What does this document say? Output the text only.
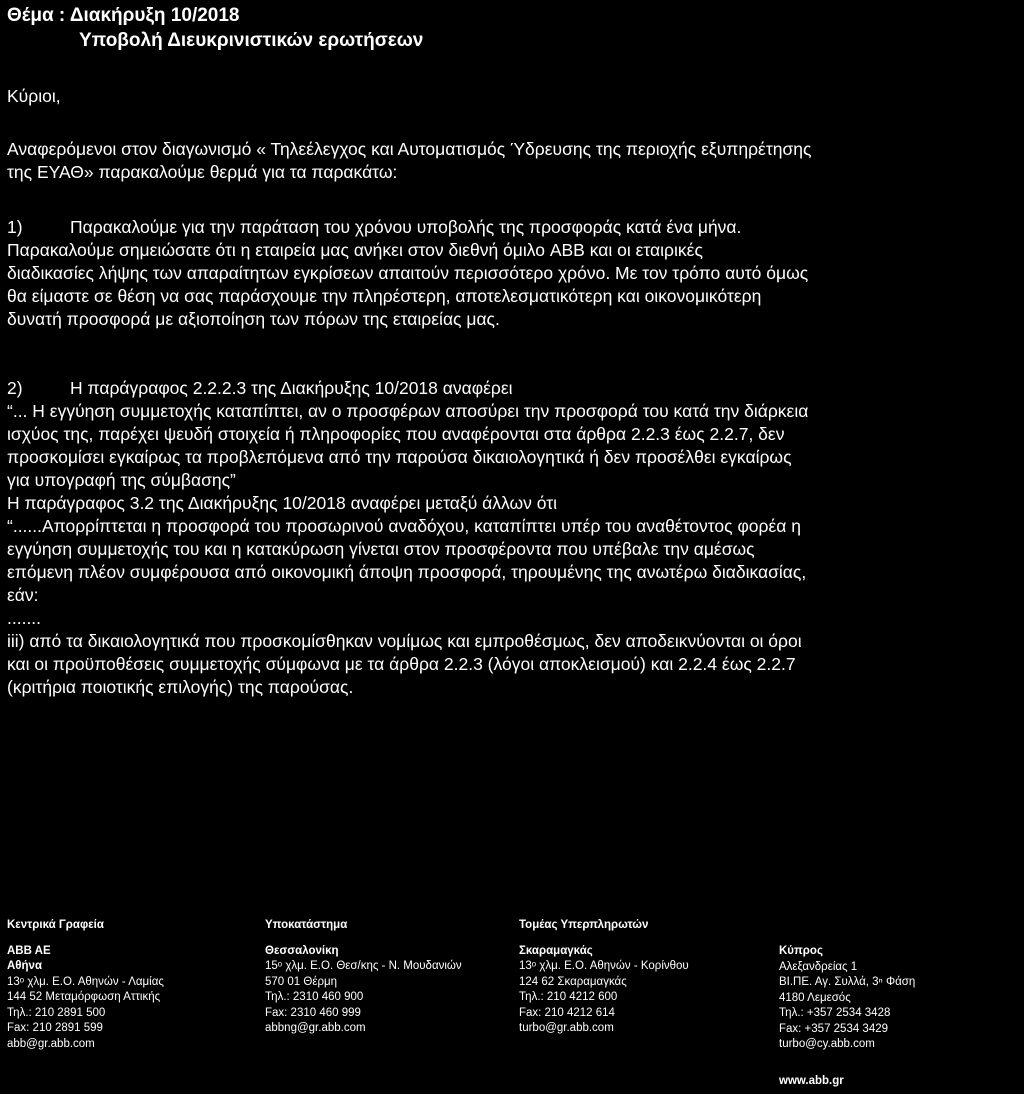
Θέμα : Διακήρυξη 10/2018
Υποβολή Διευκρινιστικών ερωτήσεων
Κύριοι,
Αναφερόμενοι στον διαγωνισμό « Τηλεέλεγχος και Αυτοματισμός Ύδρευσης της περιοχής εξυπηρέτησης
της ΕΥΑΘ» παρακαλούμε θερμά για τα παρακάτω:
1)	Παρακαλούμε για την παράταση του χρόνου υποβολής της προσφοράς κατά ένα μήνα.
Παρακαλούμε σημειώσατε ότι η εταιρεία μας ανήκει στον διεθνή όμιλο ABB και οι εταιρικές
διαδικασίες λήψης των απαραίτητων εγκρίσεων απαιτούν περισσότερο χρόνο. Με τον τρόπο αυτό όμως
θα είμαστε σε θέση να σας παράσχουμε την πληρέστερη, αποτελεσματικότερη και οικονομικότερη
δυνατή προσφορά με αξιοποίηση των πόρων της εταιρείας μας.
2)	Η παράγραφος 2.2.2.3 της Διακήρυξης 10/2018 αναφέρει
“... Η εγγύηση συμμετοχής καταπίπτει, αν ο προσφέρων αποσύρει την προσφορά του κατά την διάρκεια
ισχύος της, παρέχει ψευδή στοιχεία ή πληροφορίες που αναφέρονται στα άρθρα 2.2.3 έως 2.2.7, δεν
προσκομίσει εγκαίρως τα προβλεπόμενα από την παρούσα δικαιολογητικά ή δεν προσέλθει εγκαίρως
για υπογραφή της σύμβασης”
Η παράγραφος 3.2 της Διακήρυξης 10/2018 αναφέρει μεταξύ άλλων ότι
“......Απορρίπτεται η προσφορά του προσωρινού αναδόχου, καταπίπτει υπέρ του αναθέτοντος φορέα η
εγγύηση συμμετοχής του και η κατακύρωση γίνεται στον προσφέροντα που υπέβαλε την αμέσως
επόμενη πλέον συμφέρουσα από οικονομική άποψη προσφορά, τηρουμένης της ανωτέρω διαδικασίας,
εάν:
.......
iii) από τα δικαιολογητικά που προσκομίσθηκαν νομίμως και εμπροθέσμως, δεν αποδεικνύονται οι όροι
και οι προϋποθέσεις συμμετοχής σύμφωνα με τα άρθρα 2.2.3 (λόγοι αποκλεισμού) και 2.2.4 έως 2.2.7
(κριτήρια ποιοτικής επιλογής) της παρούσας.
Κεντρικά Γραφεία
ABB AE
Αθήνα
13ᵒ χλμ. Ε.Ο. Αθηνών - Λαμίας
144 52 Μεταμόρφωση Αττικής
Τηλ.: 210 2891 500
Fax: 210 2891 599
abb@gr.abb.com
Υποκατάστημα
Θεσσαλονίκη
15ᵒ χλμ. Ε.Ο. Θεσ/κης - Ν. Μουδανιών
570 01 Θέρμη
Τηλ.: 2310 460 900
Fax: 2310 460 999
abbng@gr.abb.com
Τομέας Υπερπληρωτών
Σκαραμαγκάς
13ᵒ χλμ. Ε.Ο. Αθηνών - Κορίνθου
124 62 Σκαραμαγκάς
Τηλ.: 210 4212 600
Fax: 210 4212 614
turbo@gr.abb.com
Κύπρος
Αλεξανδρείας 1
ΒΙ.ΠΕ. Αγ. Συλλά, 3ⁿ Φάση
4180 Λεμεσός
Τηλ.: +357 2534 3428
Fax: +357 2534 3429
turbo@cy.abb.com
www.abb.gr
